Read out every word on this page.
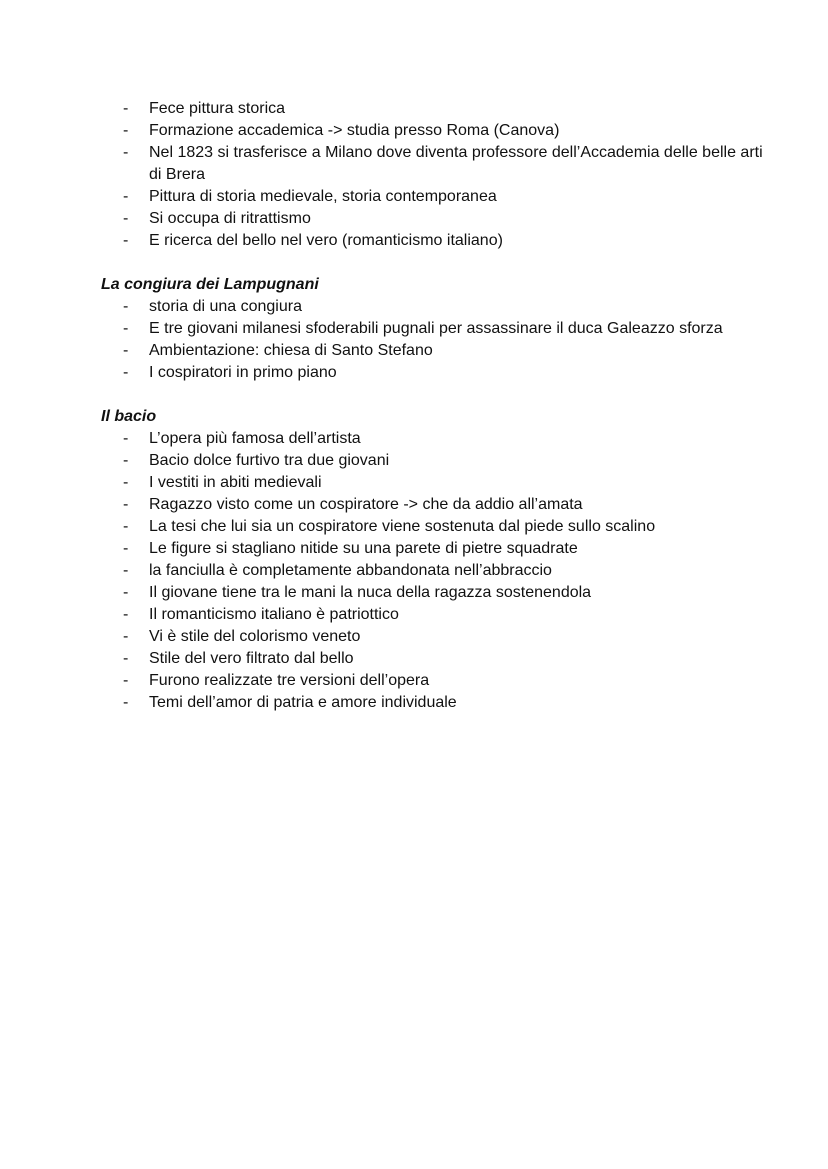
- Fece pittura storica
- Formazione accademica -> studia presso Roma (Canova)
- Nel 1823 si trasferisce a Milano dove diventa professore dell’Accademia delle belle arti di Brera
- Pittura di storia medievale, storia contemporanea
- Si occupa di ritrattismo
- E ricerca del bello nel vero (romanticismo italiano)
La congiura dei Lampugnani
- storia di una congiura
- E tre giovani milanesi sfoderabili pugnali per assassinare il duca Galeazzo sforza
- Ambientazione: chiesa di Santo Stefano
- I cospiratori in primo piano
Il bacio
- L’opera più famosa dell’artista
- Bacio dolce furtivo tra due giovani
- I vestiti in abiti medievali
- Ragazzo visto come un cospiratore -> che da addio all’amata
- La tesi che lui sia un cospiratore viene sostenuta dal piede sullo scalino
- Le figure si stagliano nitide su una parete di pietre squadrate
- la fanciulla è completamente abbandonata nell’abbraccio
- Il giovane tiene tra le mani la nuca della ragazza sostenendola
- Il romanticismo italiano è patriottico
- Vi è stile del colorismo veneto
- Stile del vero filtrato dal bello
- Furono realizzate tre versioni dell’opera
- Temi dell’amor di patria e amore individuale
